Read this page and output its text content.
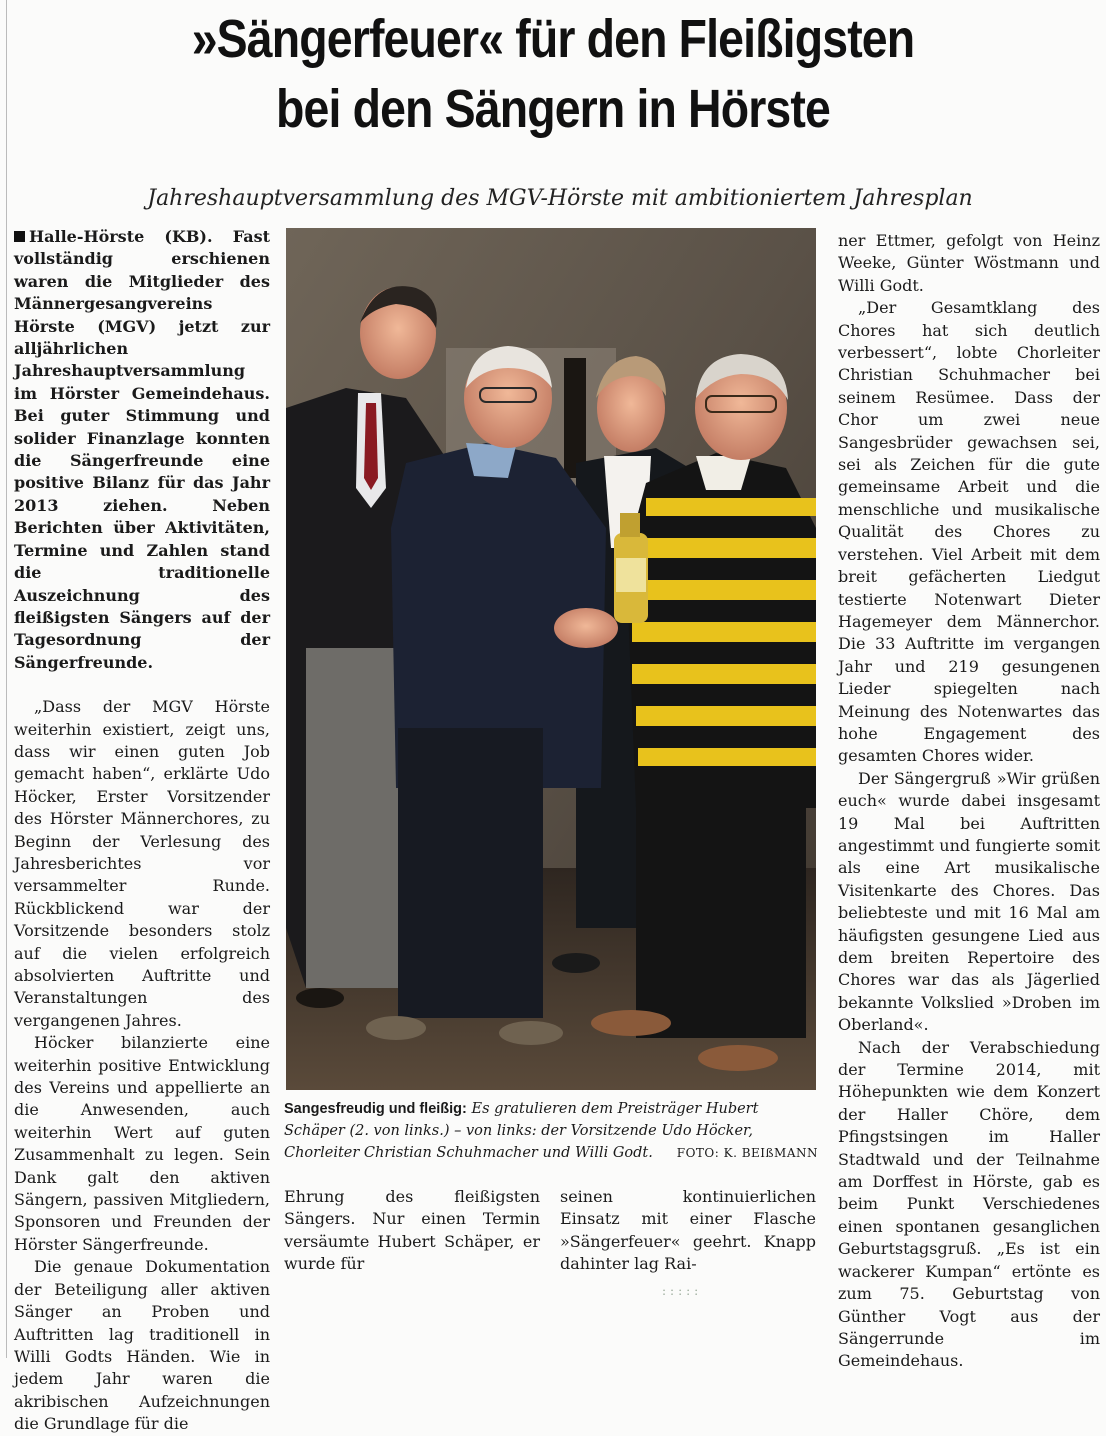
»Sängerfeuer« für den Fleißigsten
bei den Sängern in Hörste

Jahreshauptversammlung des MGV-Hörste mit ambitioniertem Jahresplan

Halle-Hörste (KB). Fast vollständig erschienen waren die Mitglieder des Männergesangvereins Hörste (MGV) jetzt zur alljährlichen Jahreshauptversammlung im Hörster Gemeindehaus. Bei guter Stimmung und solider Finanzlage konnten die Sängerfreunde eine positive Bilanz für das Jahr 2013 ziehen. Neben Berichten über Aktivitäten, Termine und Zahlen stand die traditionelle Auszeichnung des fleißigsten Sängers auf der Tagesordnung der Sängerfreunde.

„Dass der MGV Hörste weiterhin existiert, zeigt uns, dass wir einen guten Job gemacht haben“, erklärte Udo Höcker, Erster Vorsitzender des Hörster Männerchores, zu Beginn der Verlesung des Jahresberichtes vor versammelter Runde. Rückblickend war der Vorsitzende besonders stolz auf die vielen erfolgreich absolvierten Auftritte und Veranstaltungen des vergangenen Jahres.

Höcker bilanzierte eine weiterhin positive Entwicklung des Vereins und appellierte an die Anwesenden, auch weiterhin Wert auf guten Zusammenhalt zu legen. Sein Dank galt den aktiven Sängern, passiven Mitgliedern, Sponsoren und Freunden der Hörster Sängerfreunde.

Die genaue Dokumentation der Beteiligung aller aktiven Sänger an Proben und Auftritten lag traditionell in Willi Godts Händen. Wie in jedem Jahr waren die akribischen Aufzeichnungen die Grundlage für die

Sangesfreudig und fleißig: Es gratulieren dem Preisträger Hubert Schäper (2. von links.) – von links: der Vorsitzende Udo Höcker, Chorleiter Christian Schuhmacher und Willi Godt.	FOTO: K. BEIßMANN

Ehrung des fleißigsten Sängers. Nur einen Termin versäumte Hubert Schäper, er wurde für

seinen kontinuierlichen Einsatz mit einer Flasche »Sängerfeuer« geehrt. Knapp dahinter lag Rai-

ner Ettmer, gefolgt von Heinz Weeke, Günter Wöstmann und Willi Godt.

„Der Gesamtklang des Chores hat sich deutlich verbessert“, lobte Chorleiter Christian Schuhmacher bei seinem Resümee. Dass der Chor um zwei neue Sangesbrüder gewachsen sei, sei als Zeichen für die gute gemeinsame Arbeit und die menschliche und musikalische Qualität des Chores zu verstehen. Viel Arbeit mit dem breit gefächerten Liedgut testierte Notenwart Dieter Hagemeyer dem Männerchor. Die 33 Auftritte im vergangen Jahr und 219 gesungenen Lieder spiegelten nach Meinung des Notenwartes das hohe Engagement des gesamten Chores wider.

Der Sängergruß »Wir grüßen euch« wurde dabei insgesamt 19 Mal bei Auftritten angestimmt und fungierte somit als eine Art musikalische Visitenkarte des Chores. Das beliebteste und mit 16 Mal am häufigsten gesungene Lied aus dem breiten Repertoire des Chores war das als Jägerlied bekannte Volkslied »Droben im Oberland«.

Nach der Verabschiedung der Termine 2014, mit Höhepunkten wie dem Konzert der Haller Chöre, dem Pfingstsingen im Haller Stadtwald und der Teilnahme am Dorffest in Hörste, gab es beim Punkt Verschiedenes einen spontanen gesanglichen Geburtstagsgruß. „Es ist ein wackerer Kumpan“ ertönte es zum 75. Geburtstag von Günther Vogt aus der Sängerrunde im Gemeindehaus.

:::::
